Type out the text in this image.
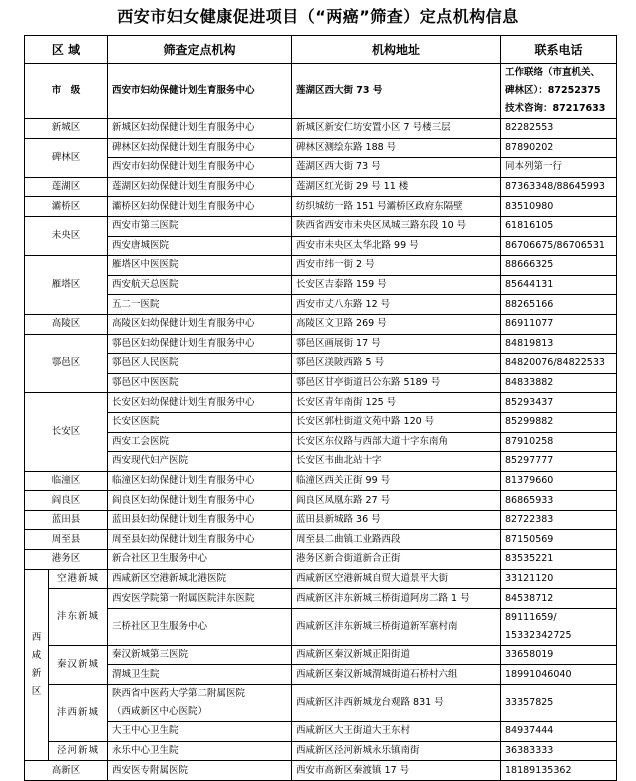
西安市妇女健康促进项目（“两癌”筛查）定点机构信息
区 域		筛查定点机构	机构地址	联系电话
市　级		西安市妇幼保健计划生育服务中心	莲湖区西大街 73 号	工作联络（市直机关、
碑林区）：87252375
技术咨询：87217633

新城区		新城区妇幼保健计划生育服务中心	新城区新安仁坊安置小区 7 号楼三层	82282553
碑林区		碑林区妇幼保健计划生育服务中心	碑林区测绘东路 188 号	87890202
		西安市妇幼保健计划生育服务中心	莲湖区西大街 73 号	同本列第一行
莲湖区		莲湖区妇幼保健计划生育服务中心	莲湖区红光街 29 号 11 楼	87363348/88645993
灞桥区		灞桥区妇幼保健计划生育服务中心	纺织城纺一路 151 号灞桥区政府东隔壁	83510980
未央区		西安市第三医院	陕西省西安市未央区凤城三路东段 10 号	61816105
		西安唐城医院	西安市未央区太华北路 99 号	86706675/86706531
雁塔区		雁塔区中医医院	西安市纬一街 2 号	88666325
		西安航天总医院	长安区吉泰路 159 号	85644131
		五二一医院	西安市丈八东路 12 号	88265166
高陵区		高陵区妇幼保健计划生育服务中心	高陵区文卫路 269 号	86911077
鄠邑区		鄠邑区妇幼保健计划生育服务中心	鄠邑区画展街 17 号	84819813
		鄠邑区人民医院	鄠邑区渼陂西路 5 号	84820076/84822533
		鄠邑区中医医院	鄠邑区甘亭街道吕公东路 5189 号	84833882
长安区		长安区妇幼保健计划生育服务中心	长安区青年南街 125 号	85293437
		长安区医院	长安区郭杜街道文苑中路 120 号	85299882
		西安工会医院	长安区东仪路与西部大道十字东南角	87910258
		西安现代妇产医院	长安区韦曲北站十字	85297777
临潼区		临潼区妇幼保健计划生育服务中心	临潼区西关正街 99 号	81379660
阎良区		阎良区妇幼保健计划生育服务中心	阎良区凤凰东路 27 号	86865933
蓝田县		蓝田县妇幼保健计划生育服务中心	蓝田县新城路 36 号	82722383
周至县		周至县妇幼保健计划生育服务中心	周至县二曲镇工业路西段	87150569
港务区		新合社区卫生服务中心	港务区新合街道新合正街	83535221

西
咸
新
区	空港新城	西咸新区空港新城北港医院	西咸新区空港新城自贸大道景平大街	33121120

	沣东新城	西安医学院第一附属医院沣东医院	西咸新区沣东新城三桥街道阿房二路 1 号	84538712

		三桥社区卫生服务中心	西咸新区沣东新城三桥街道新军寨村南	89111659/
15332342725

	秦汉新城	秦汉新城第三医院	西咸新区秦汉新城正阳街道	33658019

		渭城卫生院	西咸新区秦汉新城渭城街道石桥村六组	18991046040

	沣西新城	陕西省中医药大学第二附属医院
（西咸新区中心医院）	西咸新区沣西新城龙台观路 831 号	33357825

		大王中心卫生院	西咸新区大王街道大王东村	84937444

	泾河新城	永乐中心卫生院	西咸新区泾河新城永乐镇南街	36383333

高新区		西安医专附属医院	西安市高新区秦渡镇 17 号	18189135362
